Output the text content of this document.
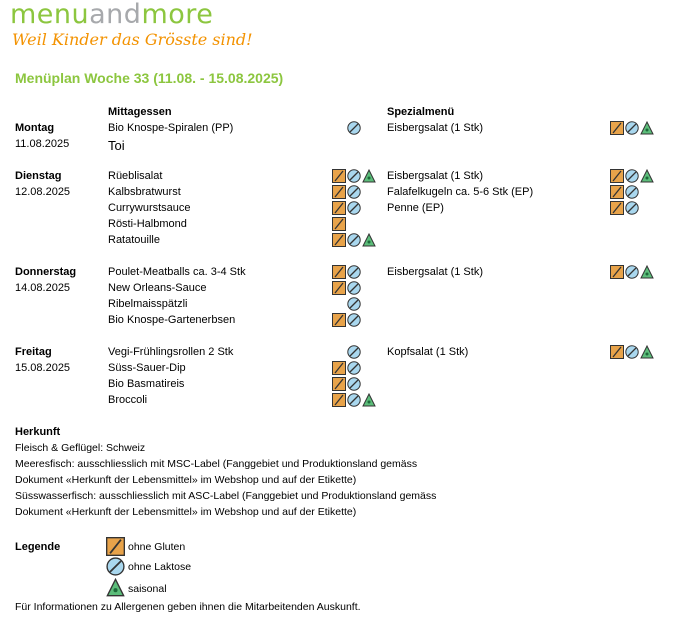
menuandmore
Weil Kinder das Grösste sind!
Menüplan Woche 33 (11.08. - 15.08.2025)
Mittagessen	Spezialmenü
Montag
11.08.2025
Bio Knospe-Spiralen (PP)
Toi
Eisbergsalat (1 Stk)
Dienstag
12.08.2025
Rüeblisalat
Kalbsbratwurst
Currywurstsauce
Rösti-Halbmond
Ratatouille
Eisbergsalat (1 Stk)
Falafelkugeln ca. 5-6 Stk (EP)
Penne (EP)
Donnerstag
14.08.2025
Poulet-Meatballs ca. 3-4 Stk
New Orleans-Sauce
Ribelmaisspätzli
Bio Knospe-Gartenerbsen
Eisbergsalat (1 Stk)
Freitag
15.08.2025
Vegi-Frühlingsrollen 2 Stk
Süss-Sauer-Dip
Bio Basmatireis
Broccoli
Kopfsalat (1 Stk)
Herkunft
Fleisch & Geflügel: Schweiz
Meeresfisch: ausschliesslich mit MSC-Label (Fanggebiet und Produktionsland gemäss
Dokument «Herkunft der Lebensmittel» im Webshop und auf der Etikette)
Süsswasserfisch: ausschliesslich mit ASC-Label (Fanggebiet und Produktionsland gemäss
Dokument «Herkunft der Lebensmittel» im Webshop und auf der Etikette)
Legende	ohne Gluten
ohne Laktose
saisonal
Für Informationen zu Allergenen geben ihnen die Mitarbeitenden Auskunft.
